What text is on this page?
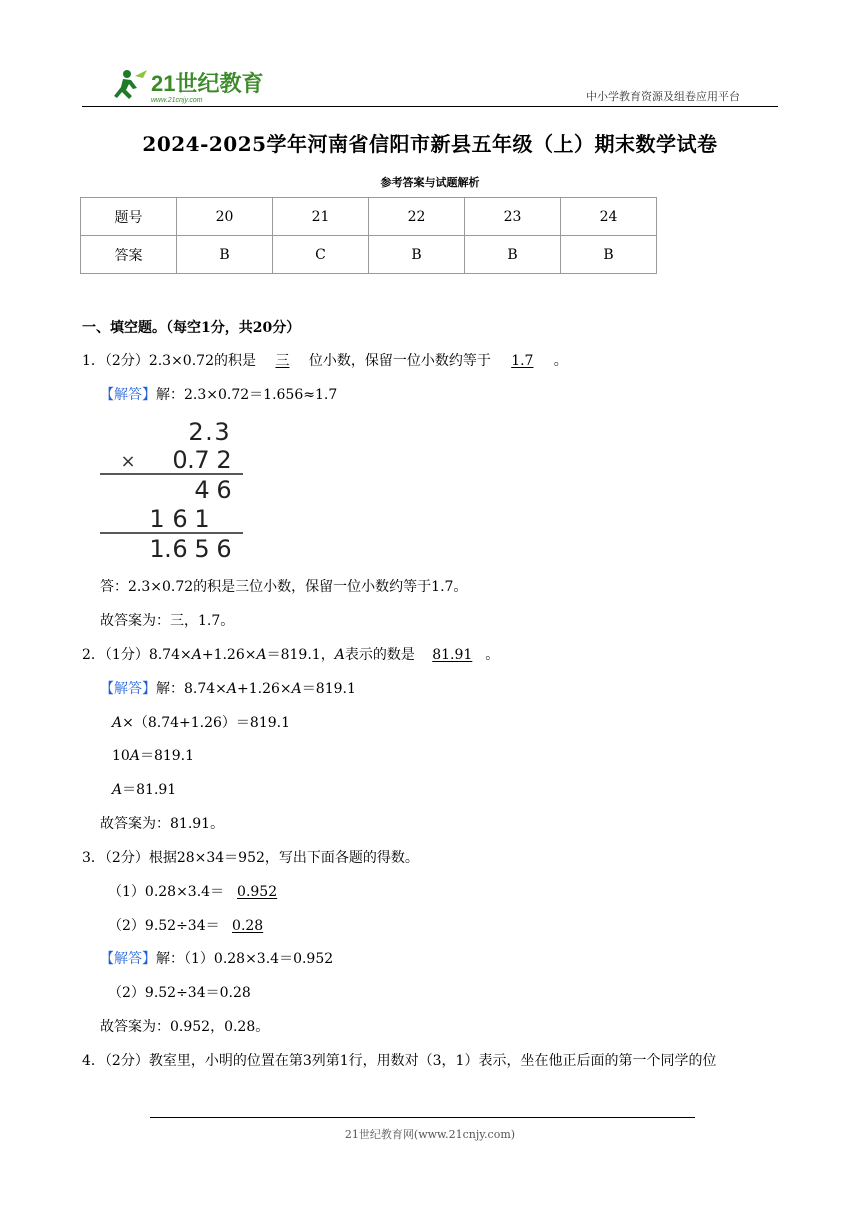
21世纪教育
www.21cnjy.com	中小学教育资源及组卷应用平台
2024-2025学年河南省信阳市新县五年级（上）期末数学试卷
参考答案与试题解析
题号	20	21	22	23	24
答案	B	C	B	B	B
一、填空题。（每空1分，共20分）
1．（2分）2.3×0.72的积是 三 位小数，保留一位小数约等于 1.7 。
【解答】解：2.3×0.72＝1.656≈1.7
2 . 3
× 0 . 7 2
4 6
1 6 1
1 . 6 5 6
答：2.3×0.72的积是三位小数，保留一位小数约等于1.7。
故答案为：三，1.7。
2．（1分）8.74×A+1.26×A＝819.1，A表示的数是 81.91 。
【解答】解：8.74×A+1.26×A＝819.1
A×（8.74+1.26）＝819.1
10A＝819.1
A＝81.91
故答案为：81.91。
3．（2分）根据28×34＝952，写出下面各题的得数。
（1）0.28×3.4＝ 0.952
（2）9.52÷34＝ 0.28
【解答】解：（1）0.28×3.4＝0.952
（2）9.52÷34＝0.28
故答案为：0.952，0.28。
4．（2分）教室里，小明的位置在第3列第1行，用数对（3，1）表示，坐在他正后面的第一个同学的位
21世纪教育网(www.21cnjy.com)
